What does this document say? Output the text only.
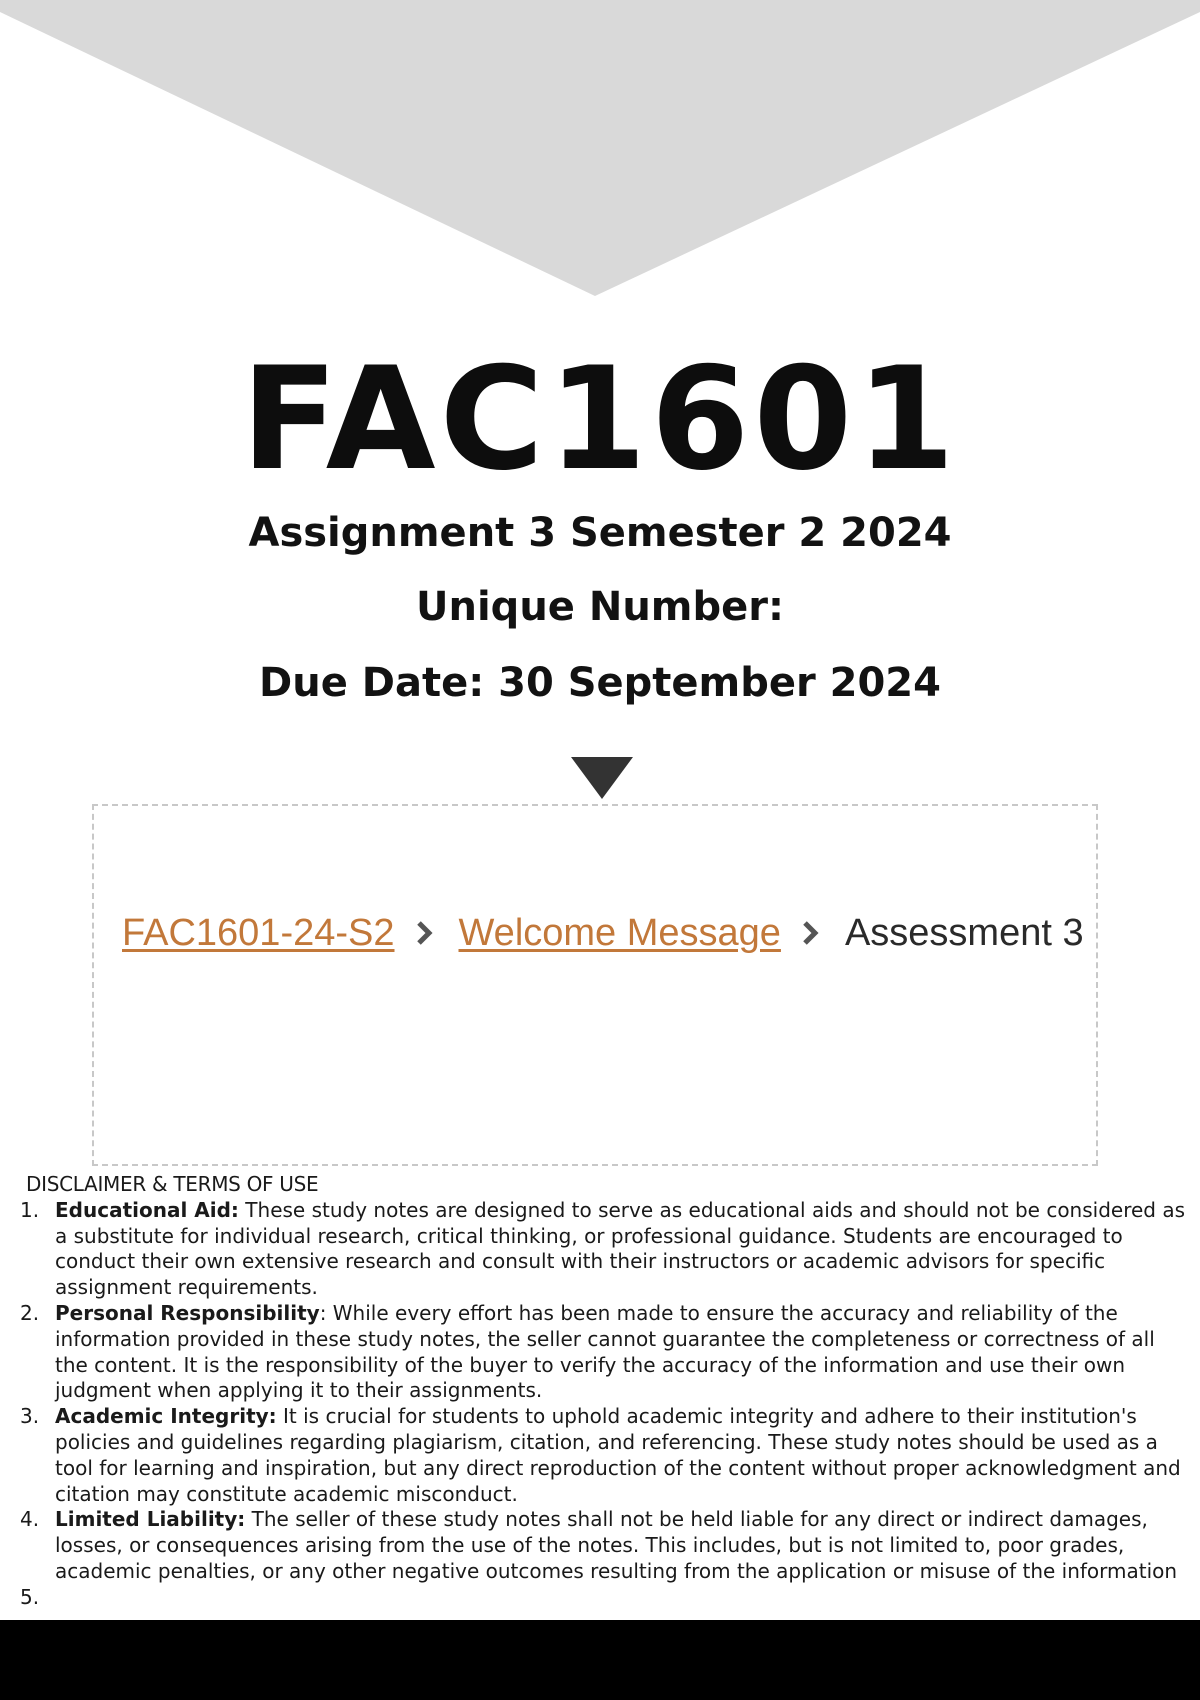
FAC1601
Assignment 3 Semester 2 2024
Unique Number:
Due Date: 30 September 2024
FAC1601-24-S2 Welcome Message Assessment 3
DISCLAIMER & TERMS OF USE
1. Educational Aid: These study notes are designed to serve as educational aids and should not be considered as a substitute for individual research, critical thinking, or professional guidance. Students are encouraged to conduct their own extensive research and consult with their instructors or academic advisors for specific assignment requirements.
2. Personal Responsibility: While every effort has been made to ensure the accuracy and reliability of the information provided in these study notes, the seller cannot guarantee the completeness or correctness of all the content. It is the responsibility of the buyer to verify the accuracy of the information and use their own judgment when applying it to their assignments.
3. Academic Integrity: It is crucial for students to uphold academic integrity and adhere to their institution's policies and guidelines regarding plagiarism, citation, and referencing. These study notes should be used as a tool for learning and inspiration, but any direct reproduction of the content without proper acknowledgment and citation may constitute academic misconduct.
4. Limited Liability: The seller of these study notes shall not be held liable for any direct or indirect damages, losses, or consequences arising from the use of the notes. This includes, but is not limited to, poor grades, academic penalties, or any other negative outcomes resulting from the application or misuse of the information
5.
